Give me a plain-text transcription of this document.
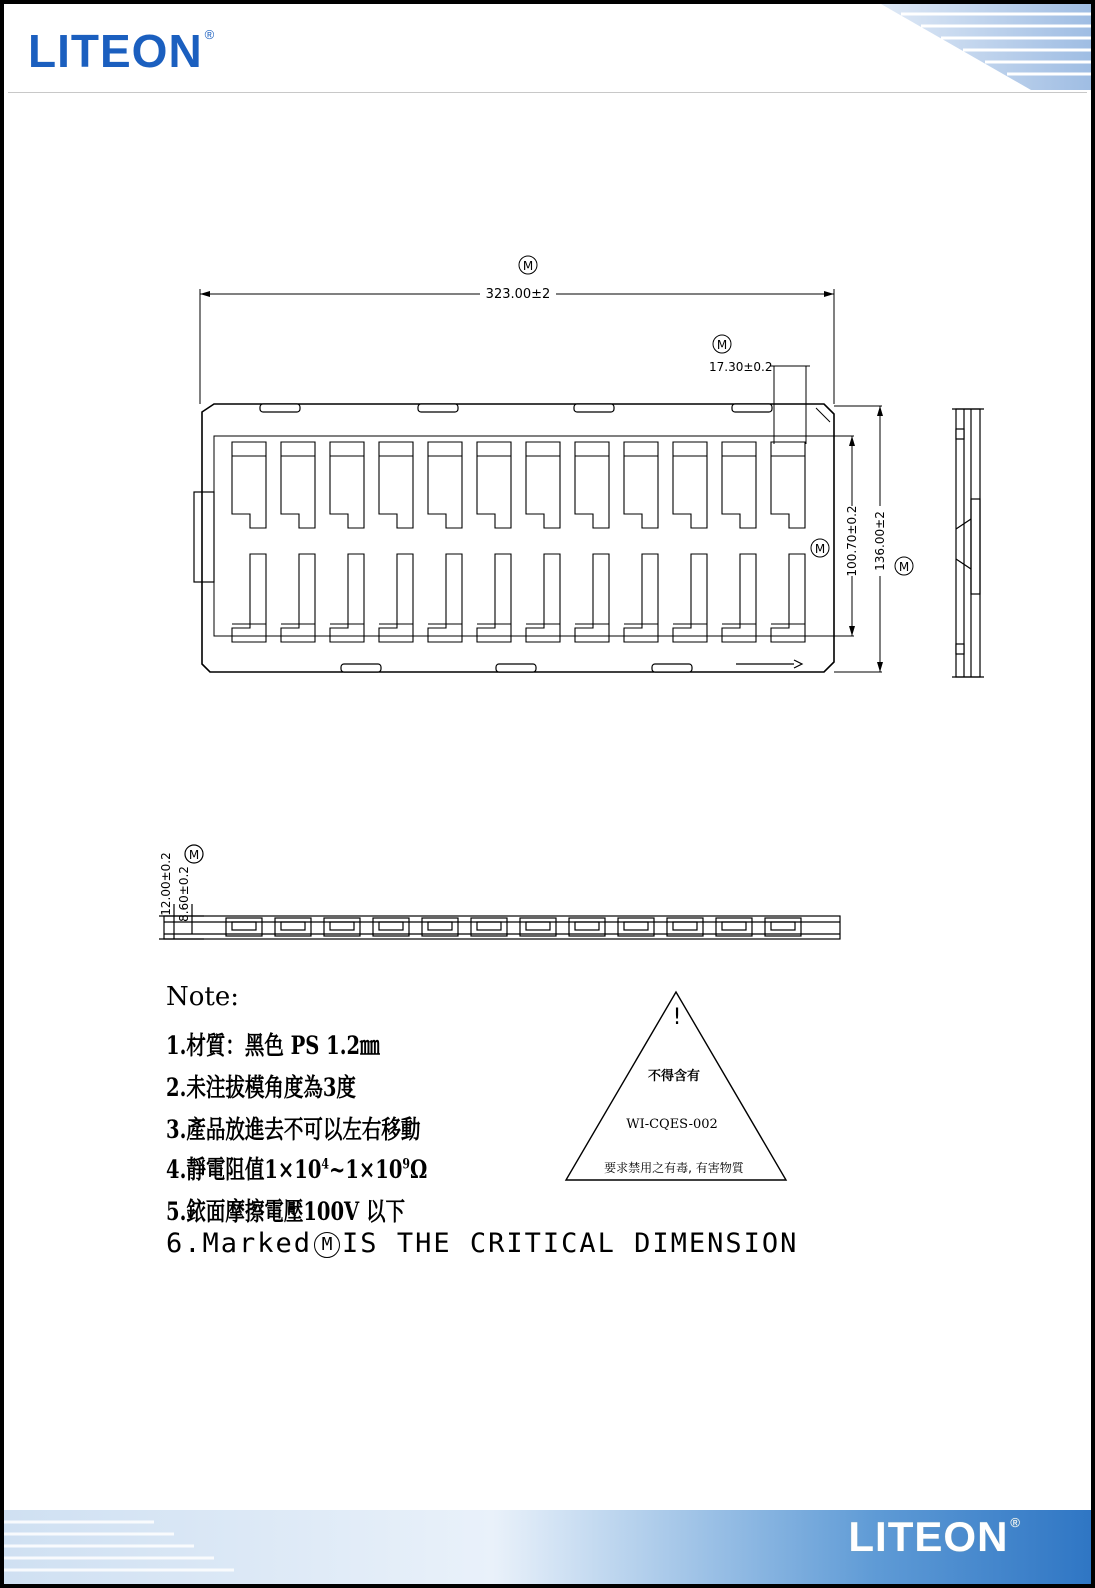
LITEON ®
M
323.00±2
M
17.30±0.2
M
M
100.70±0.2 136.00±2
M
12.00±0.2 8.60±0.2
!
不得含有
WI-CQES-002
要求禁用之有毒, 有害物質
Note:
1.材質：黑色 PS 1.2㎜
2.未注拔模角度為3度
3.產品放進去不可以左右移動
4.靜電阻值$1\times 10^4\sim 1\times 10^9\Omega$
5.銥面摩擦電壓100V 以下
6.Marked M IS THE CRITICAL DIMENSION
LITEON ®
